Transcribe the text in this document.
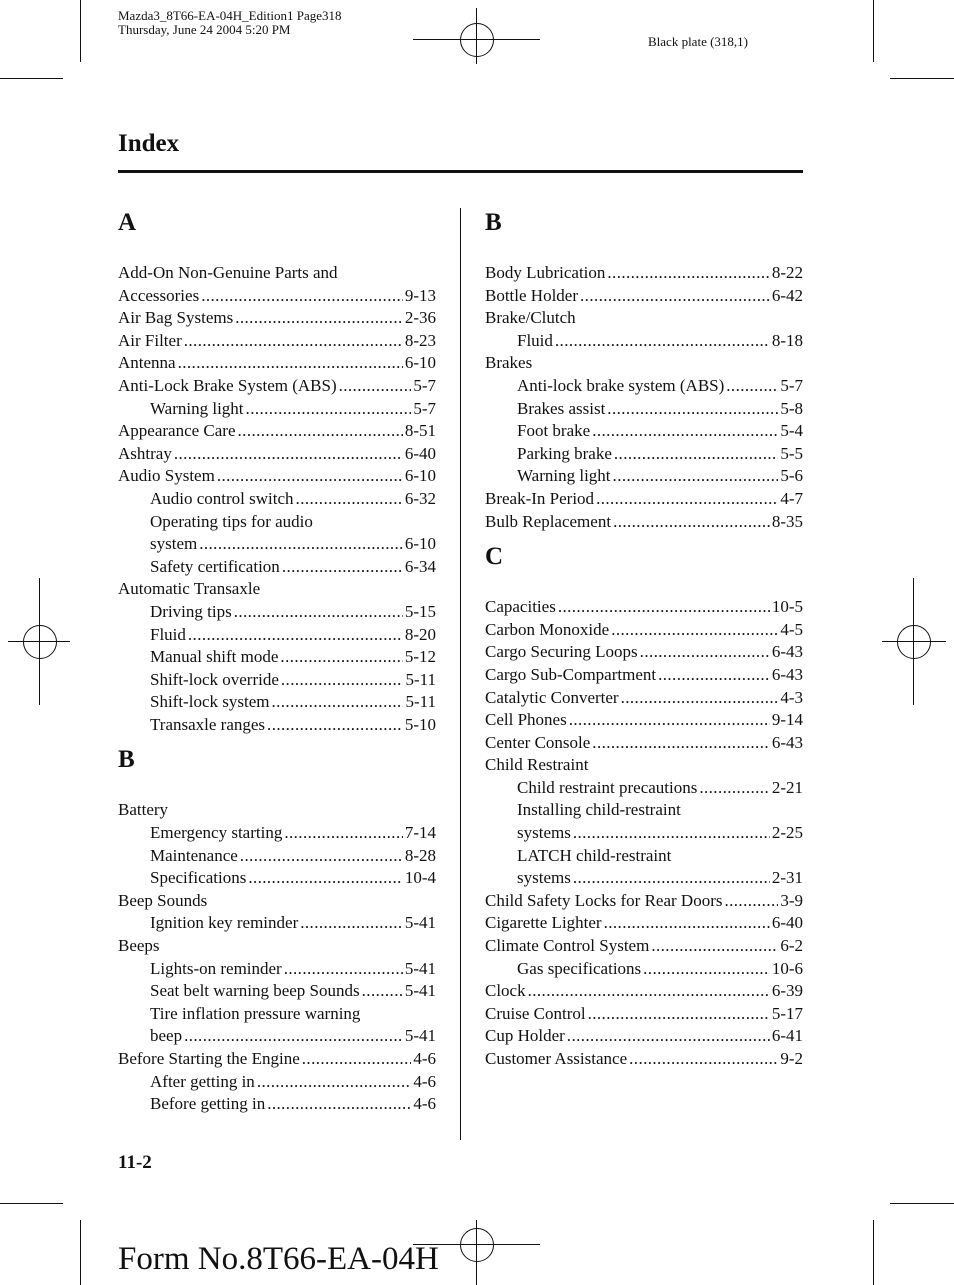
Mazda3_8T66-EA-04H_Edition1 Page318
Thursday, June 24 2004 5:20 PM
Black plate (318,1)
Index
A
Add-On Non-Genuine Parts and
Accessories .....	9-13
Air Bag Systems .....	2-36
Air Filter .....	8-23
Antenna .....	6-10
Anti-Lock Brake System (ABS) .....	5-7
Warning light .....	5-7
Appearance Care .....	8-51
Ashtray .....	6-40
Audio System .....	6-10
Audio control switch .....	6-32
Operating tips for audio
system .....	6-10
Safety certification .....	6-34
Automatic Transaxle
Driving tips .....	5-15
Fluid .....	8-20
Manual shift mode .....	5-12
Shift-lock override .....	5-11
Shift-lock system .....	5-11
Transaxle ranges .....	5-10
B
Battery
Emergency starting .....	7-14
Maintenance .....	8-28
Specifications .....	10-4
Beep Sounds
Ignition key reminder .....	5-41
Beeps
Lights-on reminder .....	5-41
Seat belt warning beep Sounds .....	5-41
Tire inflation pressure warning
beep .....	5-41
Before Starting the Engine .....	4-6
After getting in .....	4-6
Before getting in .....	4-6
B
Body Lubrication .....	8-22
Bottle Holder .....	6-42
Brake/Clutch
Fluid .....	8-18
Brakes
Anti-lock brake system (ABS) .....	5-7
Brakes assist .....	5-8
Foot brake .....	5-4
Parking brake .....	5-5
Warning light .....	5-6
Break-In Period .....	4-7
Bulb Replacement .....	8-35
C
Capacities .....	10-5
Carbon Monoxide .....	4-5
Cargo Securing Loops .....	6-43
Cargo Sub-Compartment .....	6-43
Catalytic Converter .....	4-3
Cell Phones .....	9-14
Center Console .....	6-43
Child Restraint
Child restraint precautions .....	2-21
Installing child-restraint
systems .....	2-25
LATCH child-restraint
systems .....	2-31
Child Safety Locks for Rear Doors .....	3-9
Cigarette Lighter .....	6-40
Climate Control System .....	6-2
Gas specifications .....	10-6
Clock .....	6-39
Cruise Control .....	5-17
Cup Holder .....	6-41
Customer Assistance .....	9-2
11-2
Form No.8T66-EA-04H
